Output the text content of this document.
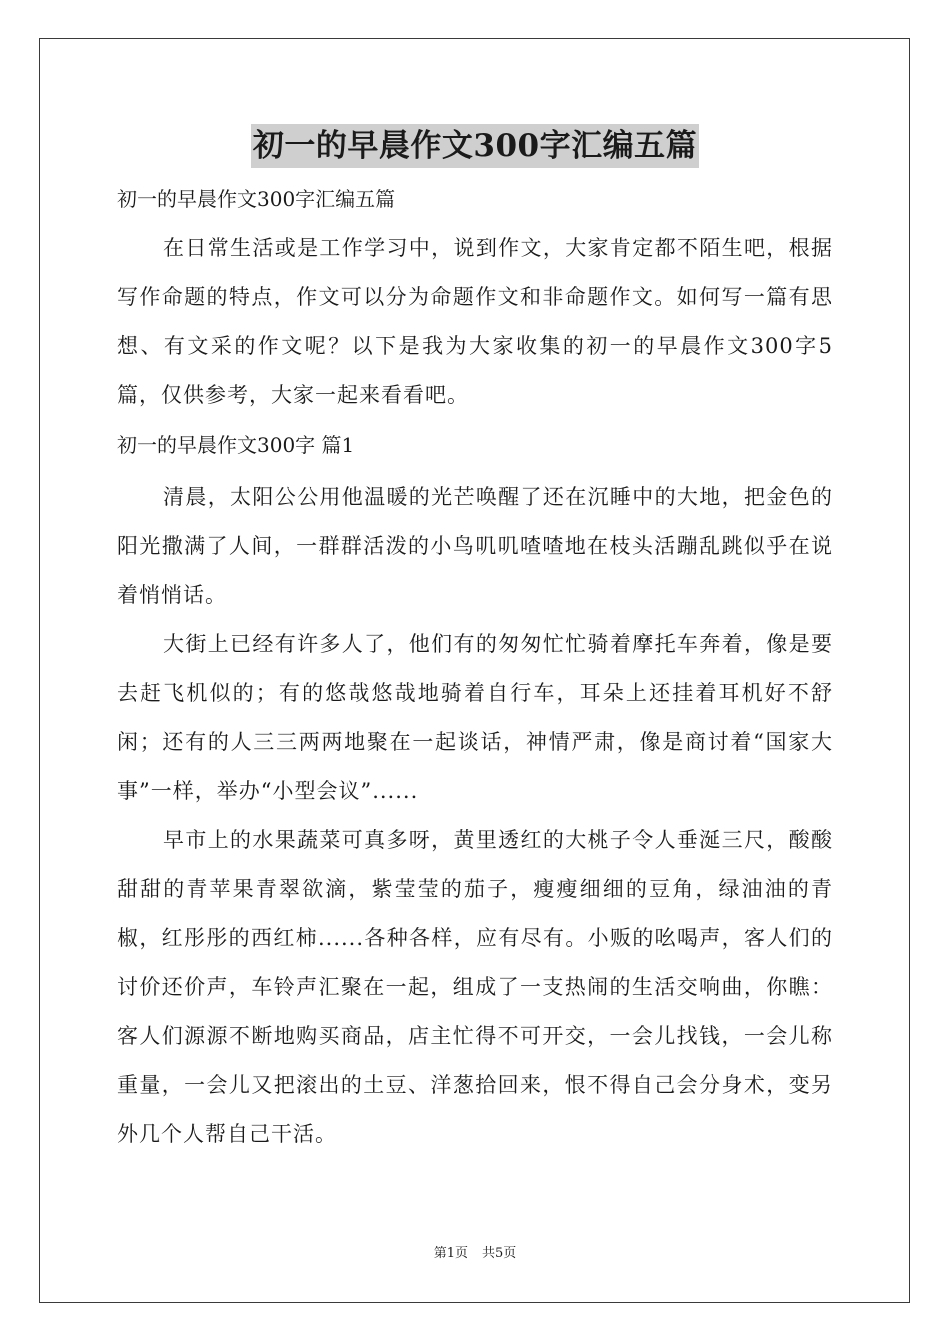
初一的早晨作文300字汇编五篇

初一的早晨作文300字汇编五篇

在日常生活或是工作学习中，说到作文，大家肯定都不陌生吧，根据写作命题的特点，作文可以分为命题作文和非命题作文。如何写一篇有思想、有文采的作文呢？以下是我为大家收集的初一的早晨作文300字5篇，仅供参考，大家一起来看看吧。

初一的早晨作文300字 篇1

清晨，太阳公公用他温暖的光芒唤醒了还在沉睡中的大地，把金色的阳光撒满了人间，一群群活泼的小鸟叽叽喳喳地在枝头活蹦乱跳似乎在说着悄悄话。

大街上已经有许多人了，他们有的匆匆忙忙骑着摩托车奔着，像是要去赶飞机似的；有的悠哉悠哉地骑着自行车，耳朵上还挂着耳机好不舒闲；还有的人三三两两地聚在一起谈话，神情严肃，像是商讨着“国家大事”一样，举办“小型会议”......

早市上的水果蔬菜可真多呀，黄里透红的大桃子令人垂涎三尺，酸酸甜甜的青苹果青翠欲滴，紫莹莹的茄子，瘦瘦细细的豆角，绿油油的青椒，红彤彤的西红柿......各种各样，应有尽有。小贩的吆喝声，客人们的讨价还价声，车铃声汇聚在一起，组成了一支热闹的生活交响曲，你瞧：客人们源源不断地购买商品，店主忙得不可开交，一会儿找钱，一会儿称重量，一会儿又把滚出的土豆、洋葱拾回来，恨不得自己会分身术，变另外几个人帮自己干活。

第1页 共5页
